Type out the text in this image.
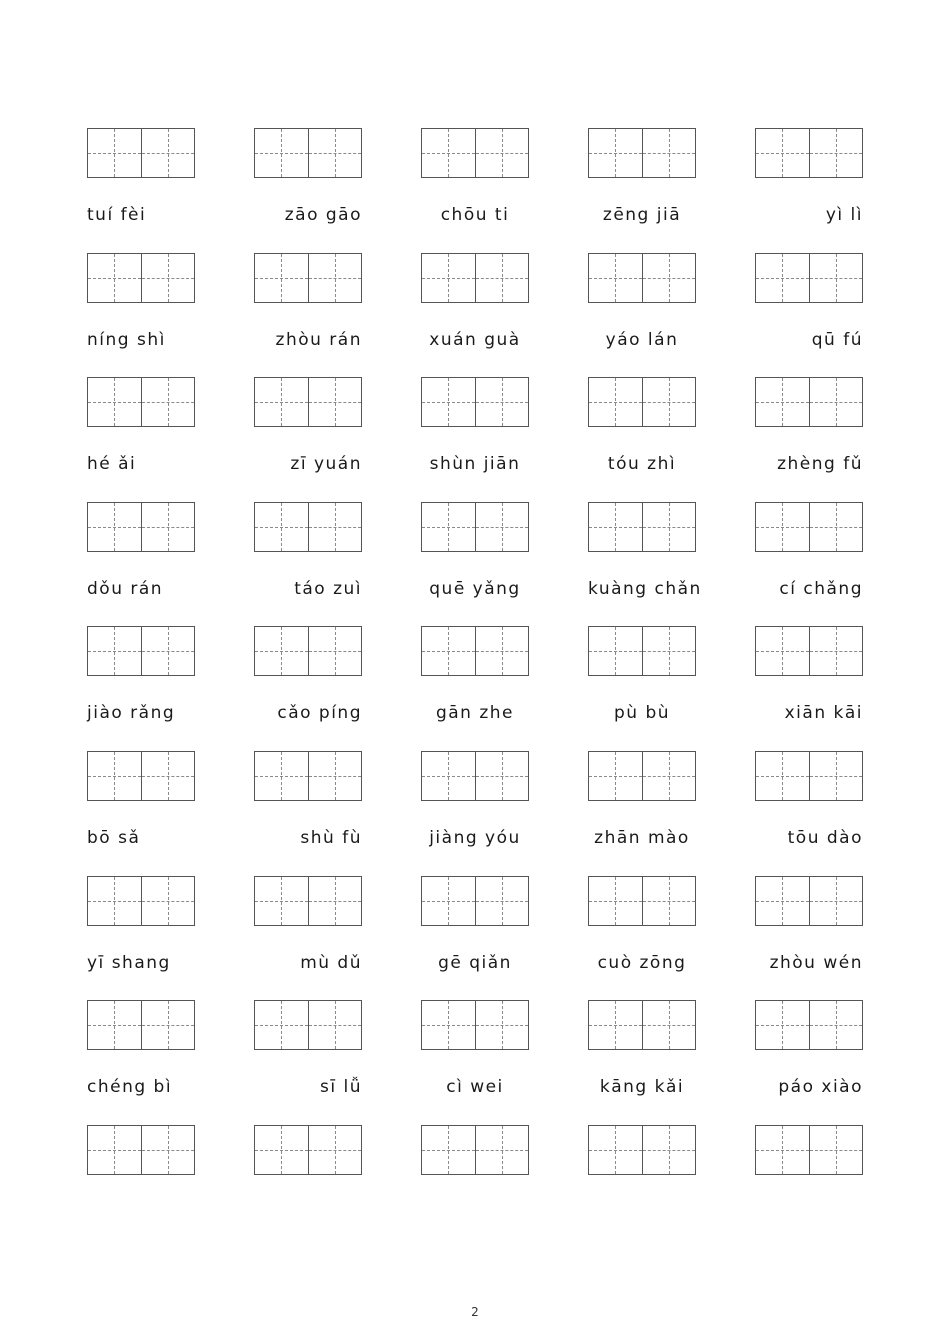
tuí fèi	zāo gāo	chōu ti	zēng jiā	yì lì
níng shì	zhòu rán	xuán guà	yáo lán	qū fú
hé ǎi	zī yuán	shùn jiān	tóu zhì	zhèng fǔ
dǒu rán	táo zuì	quē yǎng	kuàng chǎn	cí chǎng
jiào rǎng	cǎo píng	gān zhe	pù bù	xiān kāi
bō sǎ	shù fù	jiàng yóu	zhān mào	tōu dào
yī shang	mù dǔ	gē qiǎn	cuò zōng	zhòu wén
chéng bì	sī lǚ	cì wei	kāng kǎi	páo xiào
2
